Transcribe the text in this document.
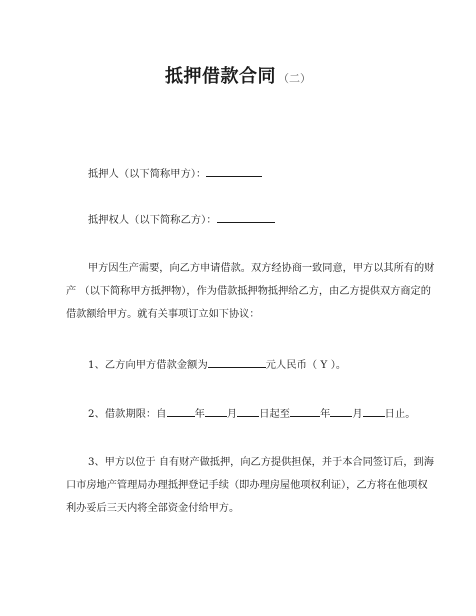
抵押借款合同 （二）
抵押人（以下简称甲方）：
抵押权人（以下简称乙方）：
甲方因生产需要，向乙方申请借款。双方经协商一致同意，甲方以其所有的财
产 （以下简称甲方抵押物），作为借款抵押物抵押给乙方，由乙方提供双方商定的
借款额给甲方。就有关事项订立如下协议：
1、乙方向甲方借款金额为	元人民币（ Y ）。
2、借款期限：自	年 月 日起至	年 月 日止。
3、甲方以位于 自有财产做抵押，向乙方提供担保，并于本合同签订后，到海
口市房地产管理局办理抵押登记手续（即办理房屋他项权利证），乙方将在他项权
利办妥后三天内将全部资金付给甲方。
